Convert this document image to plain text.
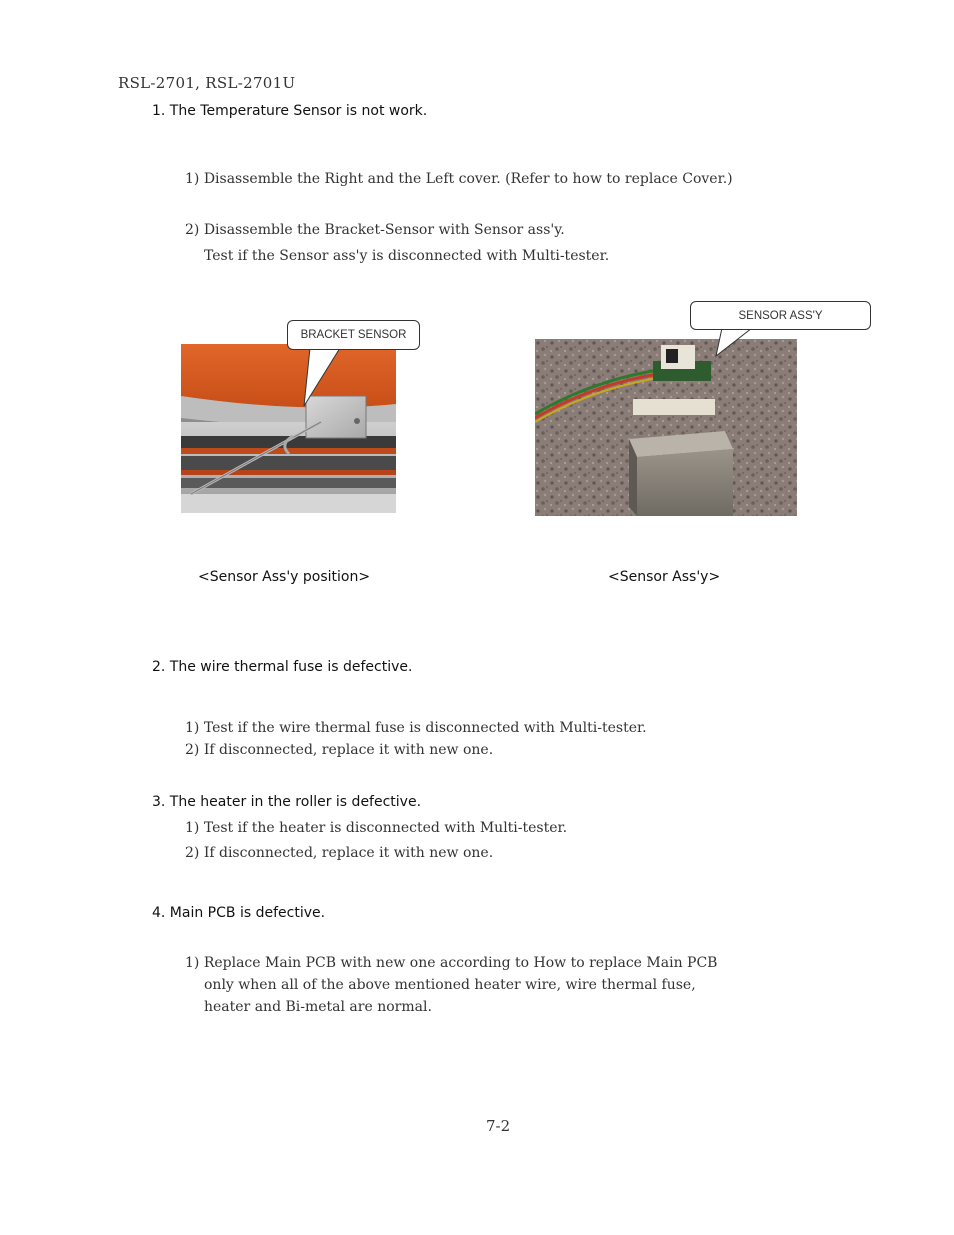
RSL-2701, RSL-2701U
1. The Temperature Sensor is not work.
1) Disassemble the Right and the Left cover. (Refer to how to replace Cover.)
2) Disassemble the Bracket-Sensor with Sensor ass'y.
Test if the Sensor ass'y is disconnected with Multi-tester.
BRACKET SENSOR
SENSOR ASS'Y
<Sensor Ass'y position>	<Sensor Ass'y>
2. The wire thermal fuse is defective.
1) Test if the wire thermal fuse is disconnected with Multi-tester.
2) If disconnected, replace it with new one.
3. The heater in the roller is defective.
1) Test if the heater is disconnected with Multi-tester.
2) If disconnected, replace it with new one.
4. Main PCB is defective.
1) Replace Main PCB with new one according to How to replace Main PCB
only when all of the above mentioned heater wire, wire thermal fuse,
heater and Bi-metal are normal.
7-2
